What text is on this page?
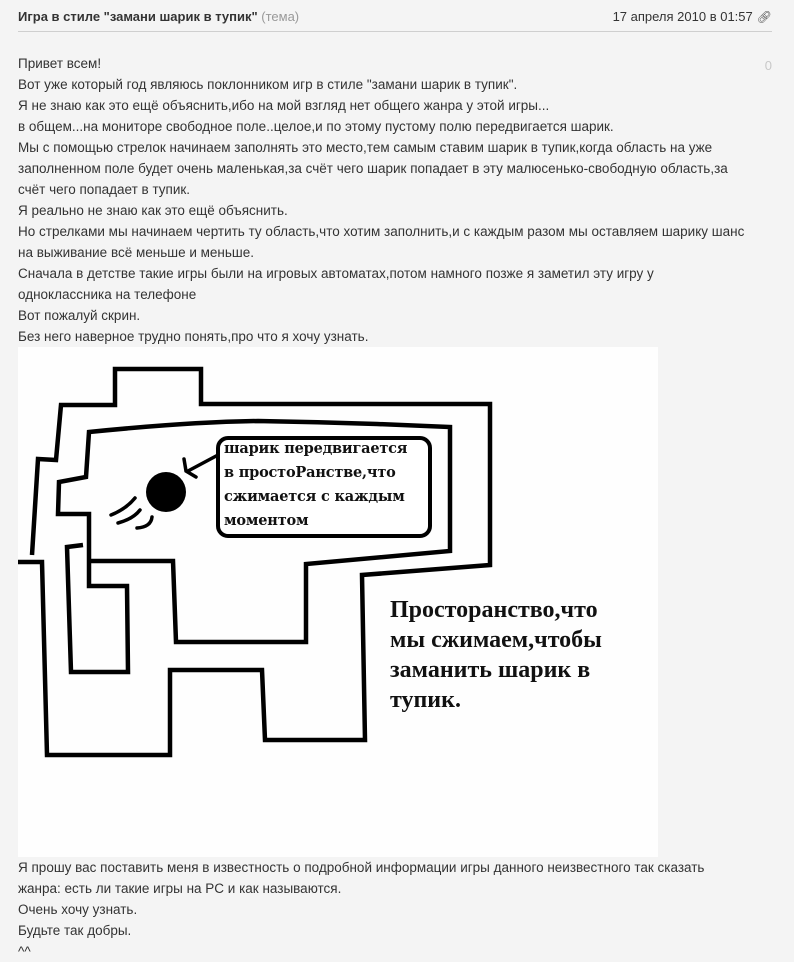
Игра в стиле "замани шарик в тупик" (тема)	17 апреля 2010 в 01:57 🔗︎
0
Привет всем!
Вот уже который год являюсь поклонником игр в стиле "замани шарик в тупик".
Я не знаю как это ещё объяснить,ибо на мой взгляд нет общего жанра у этой игры...
в общем...на мониторе свободное поле..целое,и по этому пустому полю передвигается шарик.
Мы с помощью стрелок начинаем заполнять это место,тем самым ставим шарик в тупик,когда область на уже
заполненном поле будет очень маленькая,за счёт чего шарик попадает в эту малюсенько-свободную область,за
счёт чего попадает в тупик.
Я реально не знаю как это ещё объяснить.
Но стрелками мы начинаем чертить ту область,что хотим заполнить,и с каждым разом мы оставляем шарику шанс
на выживание всё меньше и меньше.
Сначала в детстве такие игры были на игровых автоматах,потом намного позже я заметил эту игру у
одноклассника на телефоне
Вот пожалуй скрин.
Без него наверное трудно понять,про что я хочу узнать.
шарик передвигается
в простоРанстве,что
сжимается с каждым
моментом
Просторанство,что
мы сжимаем,чтобы
заманить шарик в
тупик.
Я прошу вас поставить меня в известность о подробной информации игры данного неизвестного так сказать
жанра: есть ли такие игры на PC и как называются.
Очень хочу узнать.
Будьте так добры.
^^
